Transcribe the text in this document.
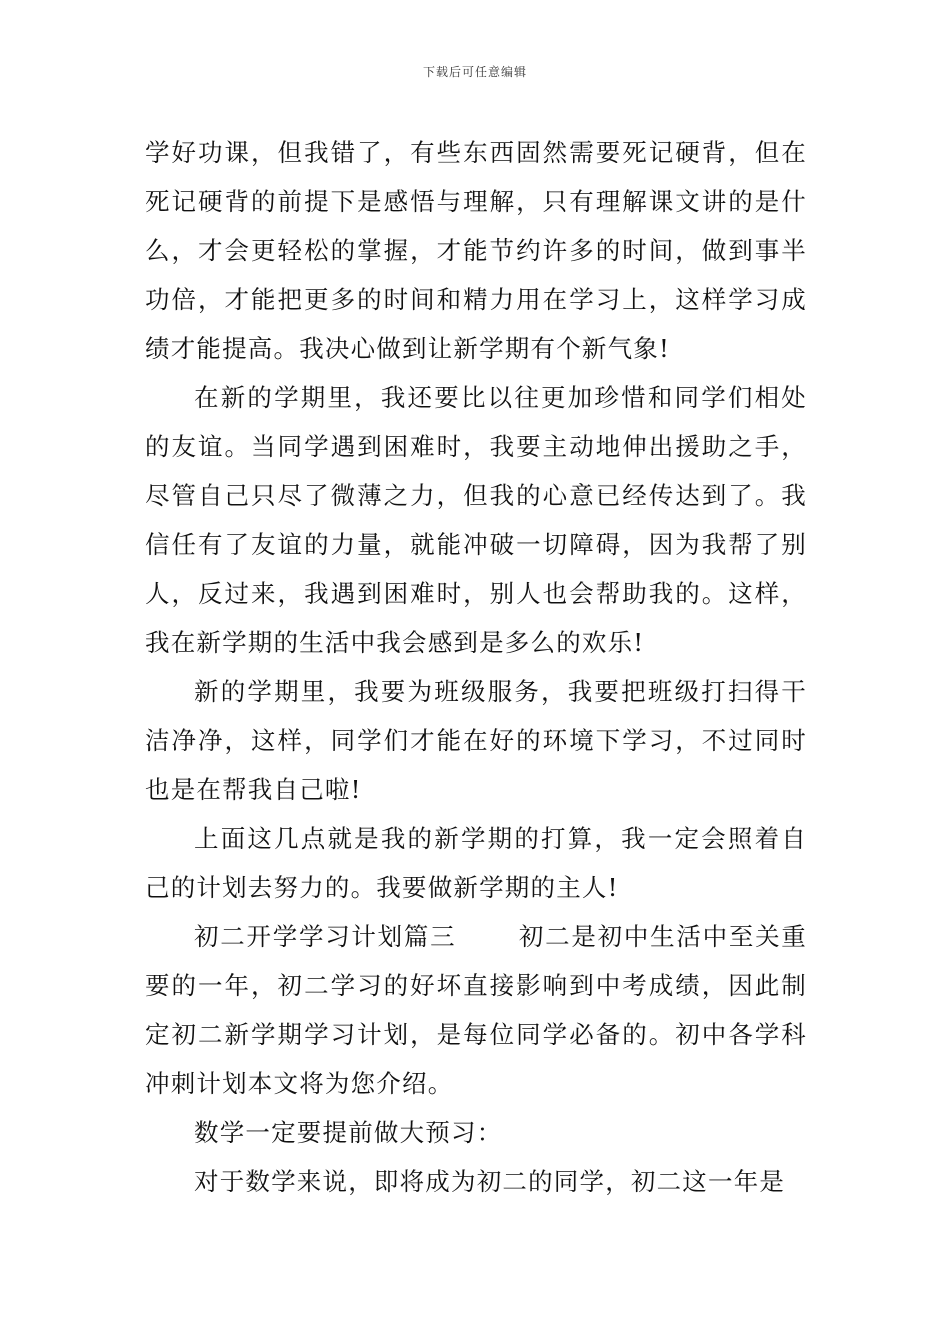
下载后可任意编辑

学好功课，但我错了，有些东西固然需要死记硬背，但在死记硬背的前提下是感悟与理解，只有理解课文讲的是什么，才会更轻松的掌握，才能节约许多的时间，做到事半功倍，才能把更多的时间和精力用在学习上，这样学习成绩才能提高。我决心做到让新学期有个新气象!

在新的学期里，我还要比以往更加珍惜和同学们相处的友谊。当同学遇到困难时，我要主动地伸出援助之手，尽管自己只尽了微薄之力，但我的心意已经传达到了。我信任有了友谊的力量，就能冲破一切障碍，因为我帮了别人，反过来，我遇到困难时，别人也会帮助我的。这样，我在新学期的生活中我会感到是多么的欢乐!

新的学期里，我要为班级服务，我要把班级打扫得干洁净净，这样，同学们才能在好的环境下学习，不过同时也是在帮我自己啦!

上面这几点就是我的新学期的打算，我一定会照着自己的计划去努力的。我要做新学期的主人!

初二开学学习计划篇三	初二是初中生活中至关重要的一年，初二学习的好坏直接影响到中考成绩，因此制定初二新学期学习计划，是每位同学必备的。初中各学科冲刺计划本文将为您介绍。

数学一定要提前做大预习：

对于数学来说，即将成为初二的同学，初二这一年是
